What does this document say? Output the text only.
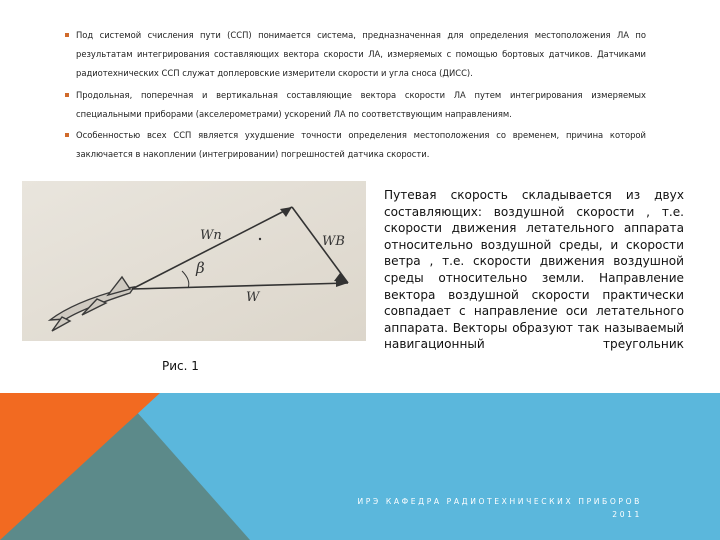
Под системой счисления пути (ССП) понимается система, предназначенная для определения местоположения ЛА по результатам интегрирования составляющих вектора скорости ЛА, измеряемых с помощью бортовых датчиков. Датчиками радиотехнических ССП служат доплеровские измерители скорости и угла сноса (ДИСС).
Продольная, поперечная и вертикальная составляющие вектора скорости ЛА путем интегрирования измеряемых специальными приборами (акселерометрами) ускорений ЛА по соответствующим направлениям.
Особенностью всех ССП является ухудшение точности определения местоположения со временем, причина которой заключается в накоплении (интегрировании) погрешностей датчика скорости.
Wп	WB
β
W
Рис. 1

Путевая скорость складывается из двух составляющих: воздушной скорости , т.е. скорости движения летательного аппарата относительно воздушной среды, и скорости ветра , т.е. скорости движения воздушной среды относительно земли. Направление вектора воздушной скорости практически совпадает с направление оси летательного аппарата. Векторы образуют так называемый навигационный треугольник

ИРЭ КАФЕДРА РАДИОТЕХНИЧЕСКИХ ПРИБОРОВ
2011
